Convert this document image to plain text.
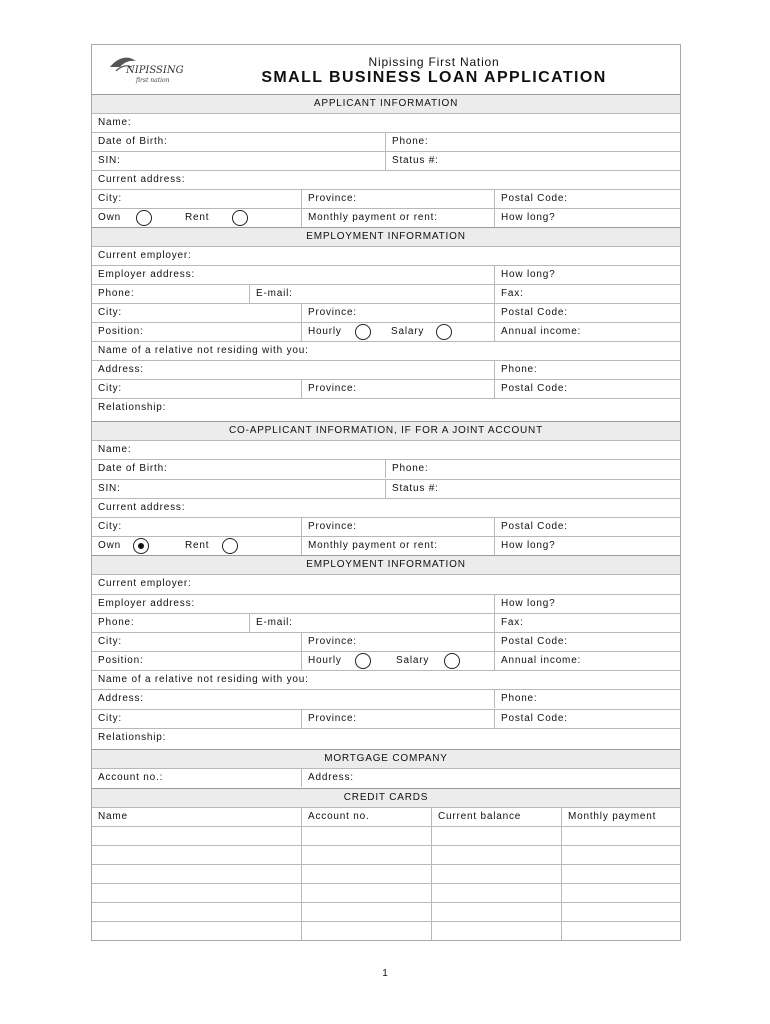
NIPISSING
first nation
Nipissing First Nation
SMALL BUSINESS LOAN APPLICATION
APPLICANT INFORMATION
Name:
Date of Birth:	Phone:
SIN:	Status #:
Current address:
City:	Province:	Postal Code:
Own	Rent	Monthly payment or rent:	How long?
EMPLOYMENT INFORMATION
Current employer:
Employer address:	How long?
Phone:	E-mail:	Fax:
City:	Province:	Postal Code:
Position:	Hourly	Salary	Annual income:
Name of a relative not residing with you:
Address:	Phone:
City:	Province:	Postal Code:
Relationship:
CO-APPLICANT INFORMATION, IF FOR A JOINT ACCOUNT
Name:
Date of Birth:	Phone:
SIN:	Status #:
Current address:
City:	Province:	Postal Code:
Own	Rent	Monthly payment or rent:	How long?
EMPLOYMENT INFORMATION
Current employer:
Employer address:	How long?
Phone:	E-mail:	Fax:
City:	Province:	Postal Code:
Position:	Hourly	Salary	Annual income:
Name of a relative not residing with you:
Address:	Phone:
City:	Province:	Postal Code:
Relationship:
MORTGAGE COMPANY
Account no.:	Address:
CREDIT CARDS
Name	Account no.	Current balance	Monthly payment
1
